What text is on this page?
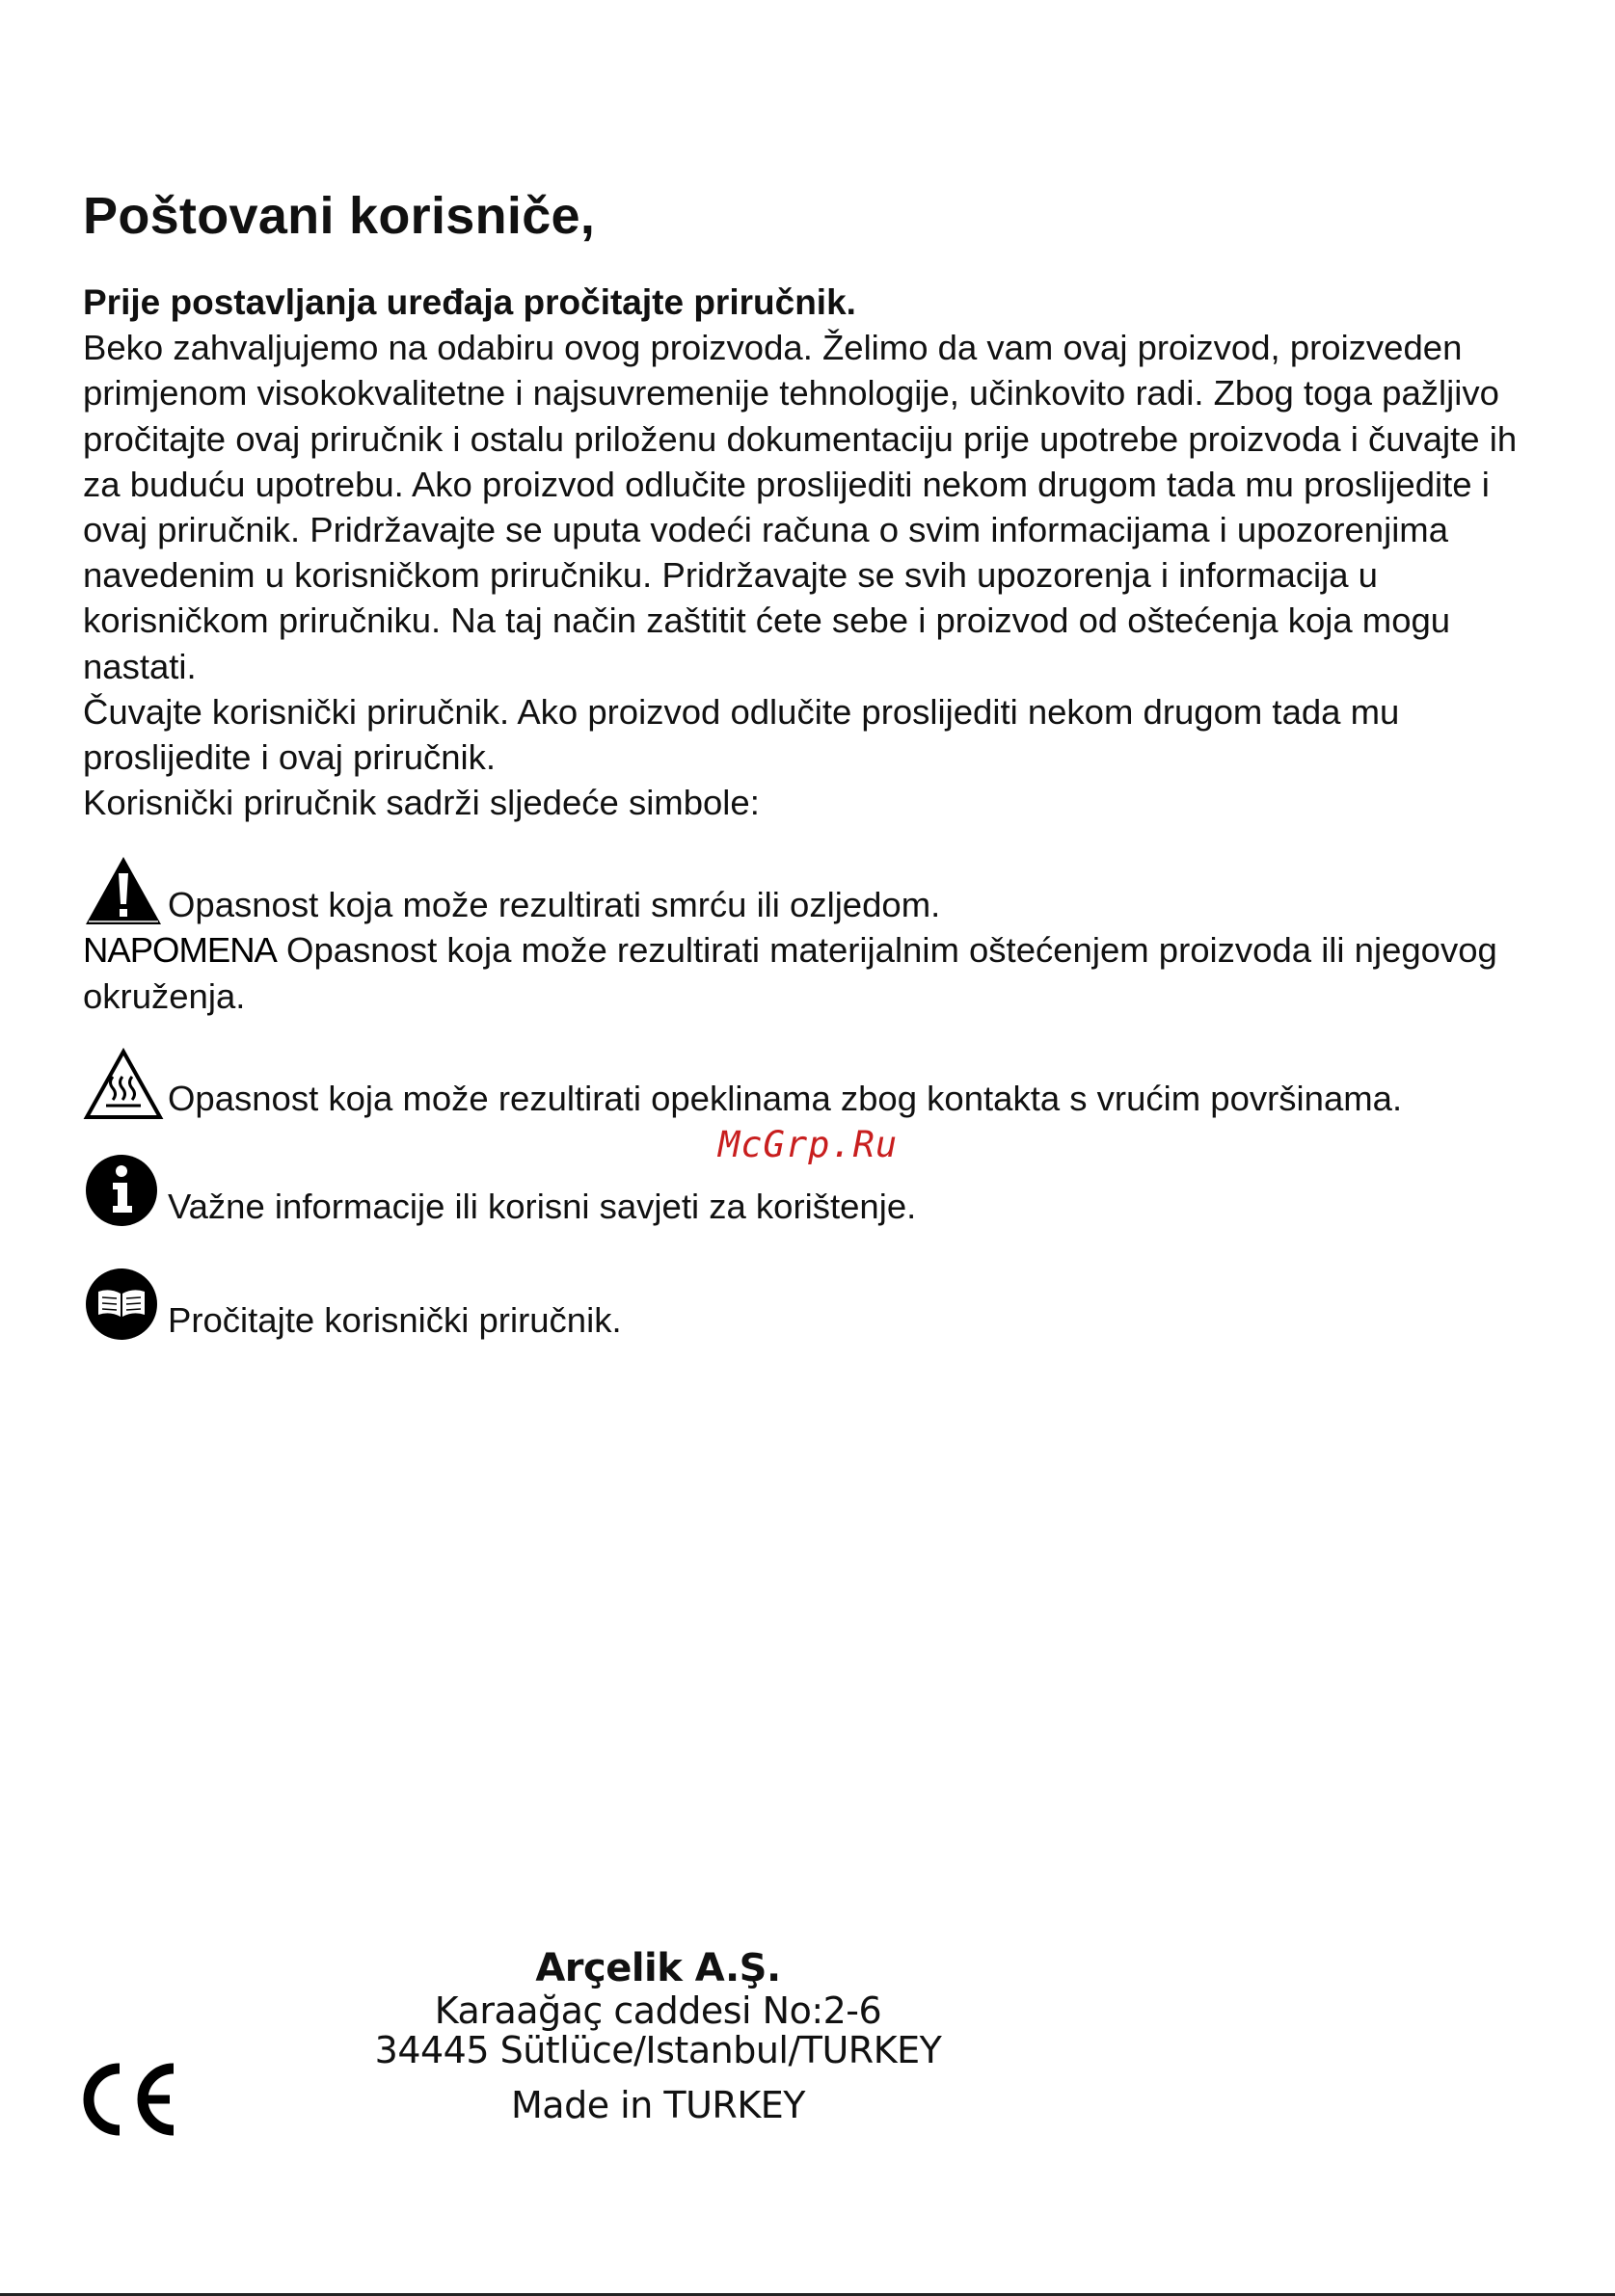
Poštovani korisniče,
Prije postavljanja uređaja pročitajte priručnik.

Beko zahvaljujemo na odabiru ovog proizvoda. Želimo da vam ovaj proizvod, proizveden primjenom visokokvalitetne i najsuvremenije tehnologije, učinkovito radi. Zbog toga pažljivo pročitajte ovaj priručnik i ostalu priloženu dokumentaciju prije upotrebe proizvoda i čuvajte ih za buduću upotrebu. Ako proizvod odlučite proslijediti nekom drugom tada mu proslijedite i ovaj priručnik. Pridržavajte se uputa vodeći računa o svim informacijama i upozorenjima navedenim u korisničkom priručniku. Pridržavajte se svih upozorenja i informacija u korisničkom priručniku. Na taj način zaštitit ćete sebe i proizvod od oštećenja koja mogu nastati.

Čuvajte korisnički priručnik. Ako proizvod odlučite proslijediti nekom drugom tada mu proslijedite i ovaj priručnik.

Korisnički priručnik sadrži sljedeće simbole:

Opasnost koja može rezultirati smrću ili ozljedom.
NAPOMENA Opasnost koja može rezultirati materijalnim oštećenjem proizvoda ili njegovog okruženja.
Opasnost koja može rezultirati opeklinama zbog kontakta s vrućim površinama.
Važne informacije ili korisni savjeti za korištenje.
Pročitajte korisnički priručnik.
McGrp.Ru
Arçelik A.Ş.
Karaağaç caddesi No:2-6
34445 Sütlüce/Istanbul/TURKEY
Made in TURKEY
